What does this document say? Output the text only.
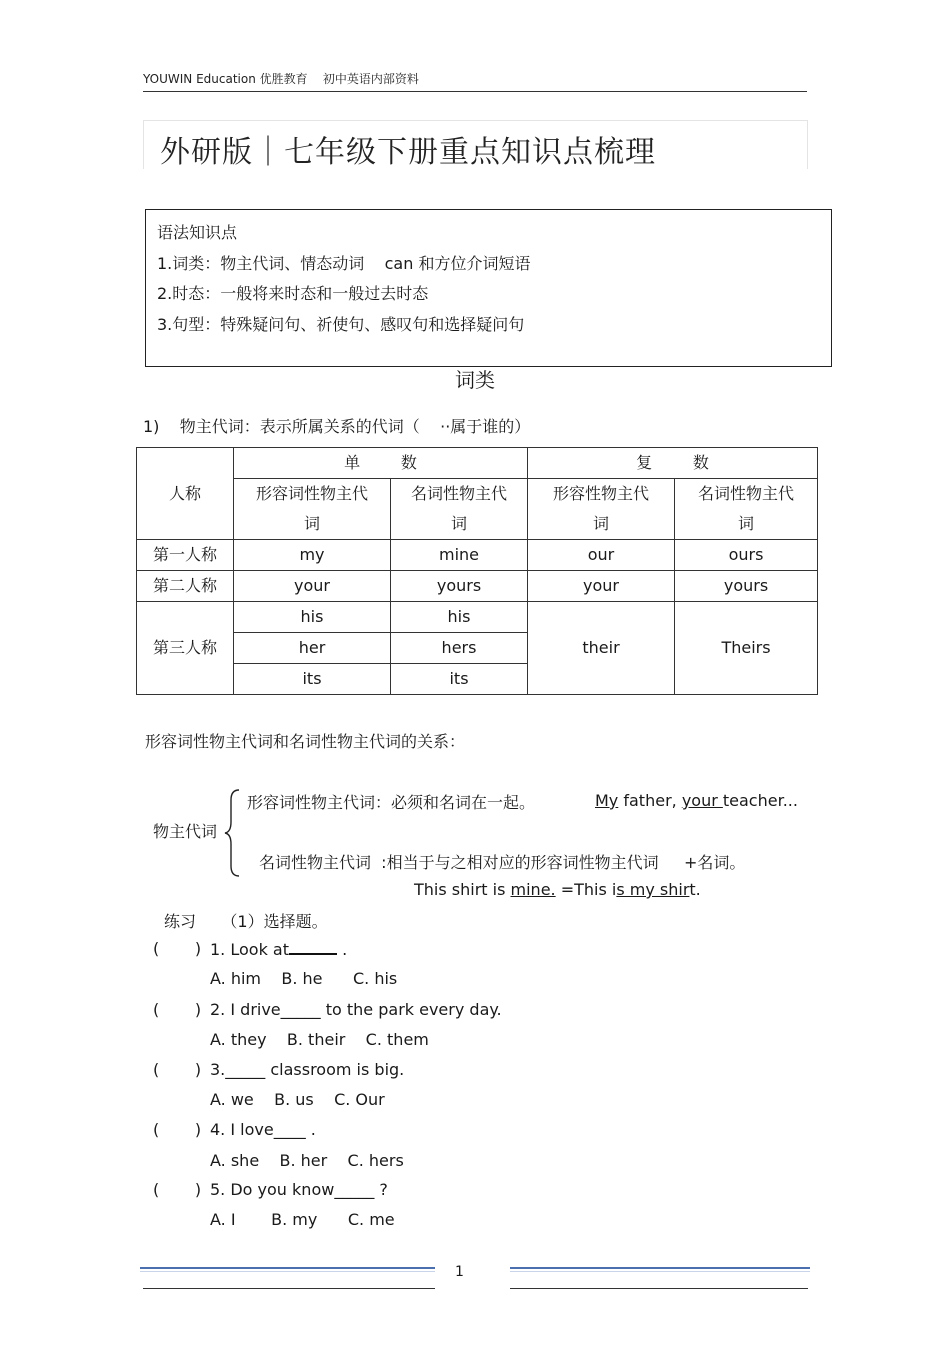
YOUWIN Education 优胜教育    初中英语内部资料
外研版｜七年级下册重点知识点梳理
语法知识点
1.词类：物主代词、情态动词    can 和方位介词短语
2.时态：一般将来时态和一般过去时态
3.句型：特殊疑问句、祈使句、感叹句和选择疑问句
词类
1)    物主代词：表示所属关系的代词（    ··属于谁的）
人称	单        数		复        数	
	形容词性物主代	名词性物主代	形容性物主代	名词性物主代
	词	词	词	词
第一人称	my	mine	our	ours
第二人称	your	yours	your	yours
第三人称	his	his	their	Theirs
	her	hers		
	its	its		
形容词性物主代词和名词性物主代词的关系：
物主代词
形容词性物主代词：必须和名词在一起。	My father, your teacher...
名词性物主代词  :相当于与之相对应的形容词性物主代词     +名词。
This shirt is mine. =This is my shirt.
练习     （1）选择题。
(       ) 1. Look at	.
A. him    B. he      C. his
(       ) 2. I drive_____ to the park every day.
A. they    B. their    C. them
(       ) 3._____ classroom is big.
A. we    B. us    C. Our
(       ) 4. I love____ .
A. she    B. her    C. hers
(       ) 5. Do you know_____ ?
A. I       B. my      C. me
1
